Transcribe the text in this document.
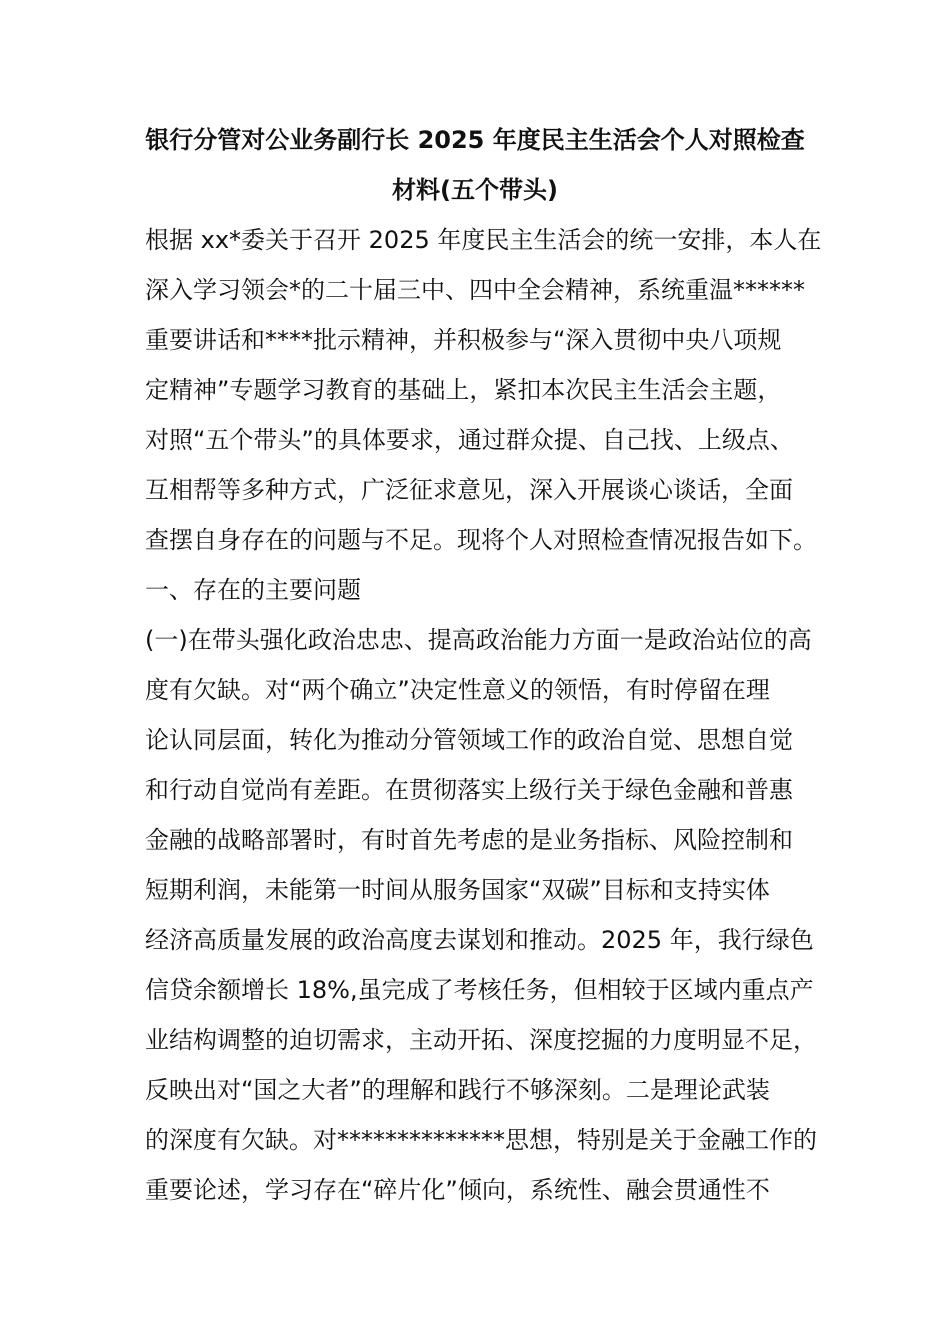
银行分管对公业务副行长 2025 年度民主生活会个人对照检查
材料(五个带头)
根据 xx*委关于召开 2025 年度民主生活会的统一安排，本人在
深入学习领会*的二十届三中、四中全会精神，系统重温******
重要讲话和****批示精神，并积极参与“深入贯彻中央八项规
定精神”专题学习教育的基础上，紧扣本次民主生活会主题，
对照“五个带头”的具体要求，通过群众提、自己找、上级点、
互相帮等多种方式，广泛征求意见，深入开展谈心谈话，全面
查摆自身存在的问题与不足。现将个人对照检查情况报告如下。
一、存在的主要问题
(一)在带头强化政治忠忠、提高政治能力方面一是政治站位的高
度有欠缺。对“两个确立”决定性意义的领悟，有时停留在理
论认同层面，转化为推动分管领域工作的政治自觉、思想自觉
和行动自觉尚有差距。在贯彻落实上级行关于绿色金融和普惠
金融的战略部署时，有时首先考虑的是业务指标、风险控制和
短期利润，未能第一时间从服务国家“双碳”目标和支持实体
经济高质量发展的政治高度去谋划和推动。2025 年，我行绿色
信贷余额增长 18%,虽完成了考核任务，但相较于区域内重点产
业结构调整的迫切需求，主动开拓、深度挖掘的力度明显不足，
反映出对“国之大者”的理解和践行不够深刻。二是理论武装
的深度有欠缺。对**************思想，特别是关于金融工作的
重要论述，学习存在“碎片化”倾向，系统性、融会贯通性不
